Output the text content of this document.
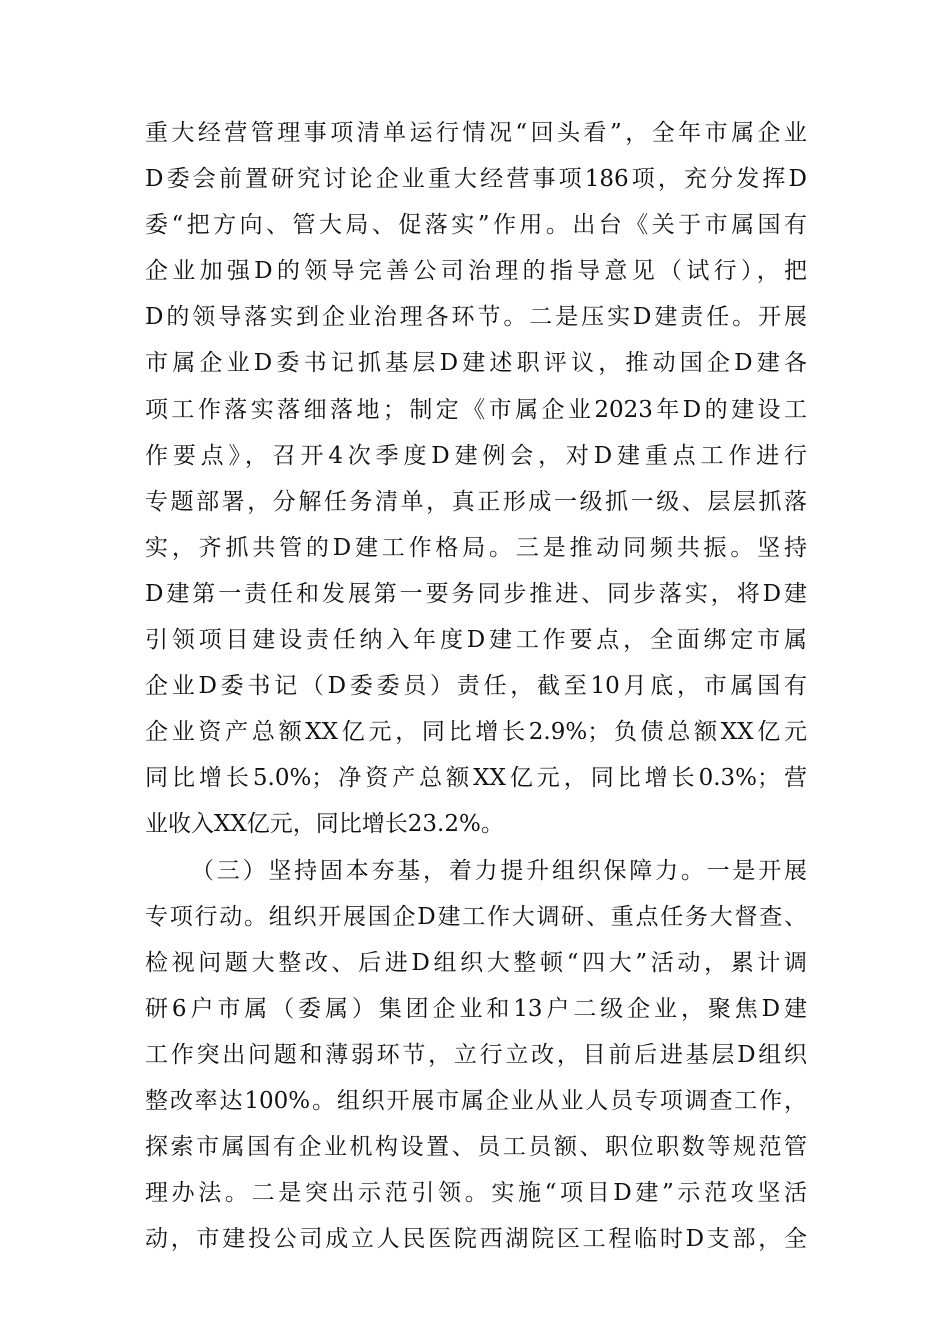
重大经营管理事项清单运行情况“回头看”，全年市属企业
D委会前置研究讨论企业重大经营事项186项，充分发挥D
委“把方向、管大局、促落实”作用。出台《关于市属国有
企业加强D的领导完善公司治理的指导意见（试行），把
D的领导落实到企业治理各环节。二是压实D建责任。开展
市属企业D委书记抓基层D建述职评议，推动国企D建各
项工作落实落细落地；制定《市属企业2023年D的建设工
作要点》，召开4次季度D建例会，对D建重点工作进行
专题部署，分解任务清单，真正形成一级抓一级、层层抓落
实，齐抓共管的D建工作格局。三是推动同频共振。坚持
D建第一责任和发展第一要务同步推进、同步落实，将D建
引领项目建设责任纳入年度D建工作要点，全面绑定市属
企业D委书记（D委委员）责任，截至10月底，市属国有
企业资产总额XX亿元，同比增长2.9%；负债总额XX亿元
同比增长5.0%；净资产总额XX亿元，同比增长0.3%；营
业收入XX亿元，同比增长23.2%。
（三）坚持固本夯基，着力提升组织保障力。一是开展
专项行动。组织开展国企D建工作大调研、重点任务大督查、
检视问题大整改、后进D组织大整顿“四大”活动，累计调
研6户市属（委属）集团企业和13户二级企业，聚焦D建
工作突出问题和薄弱环节，立行立改，目前后进基层D组织
整改率达100%。组织开展市属企业从业人员专项调查工作，
探索市属国有企业机构设置、员工员额、职位职数等规范管
理办法。二是突出示范引领。实施“项目D建”示范攻坚活
动，市建投公司成立人民医院西湖院区工程临时D支部，全
